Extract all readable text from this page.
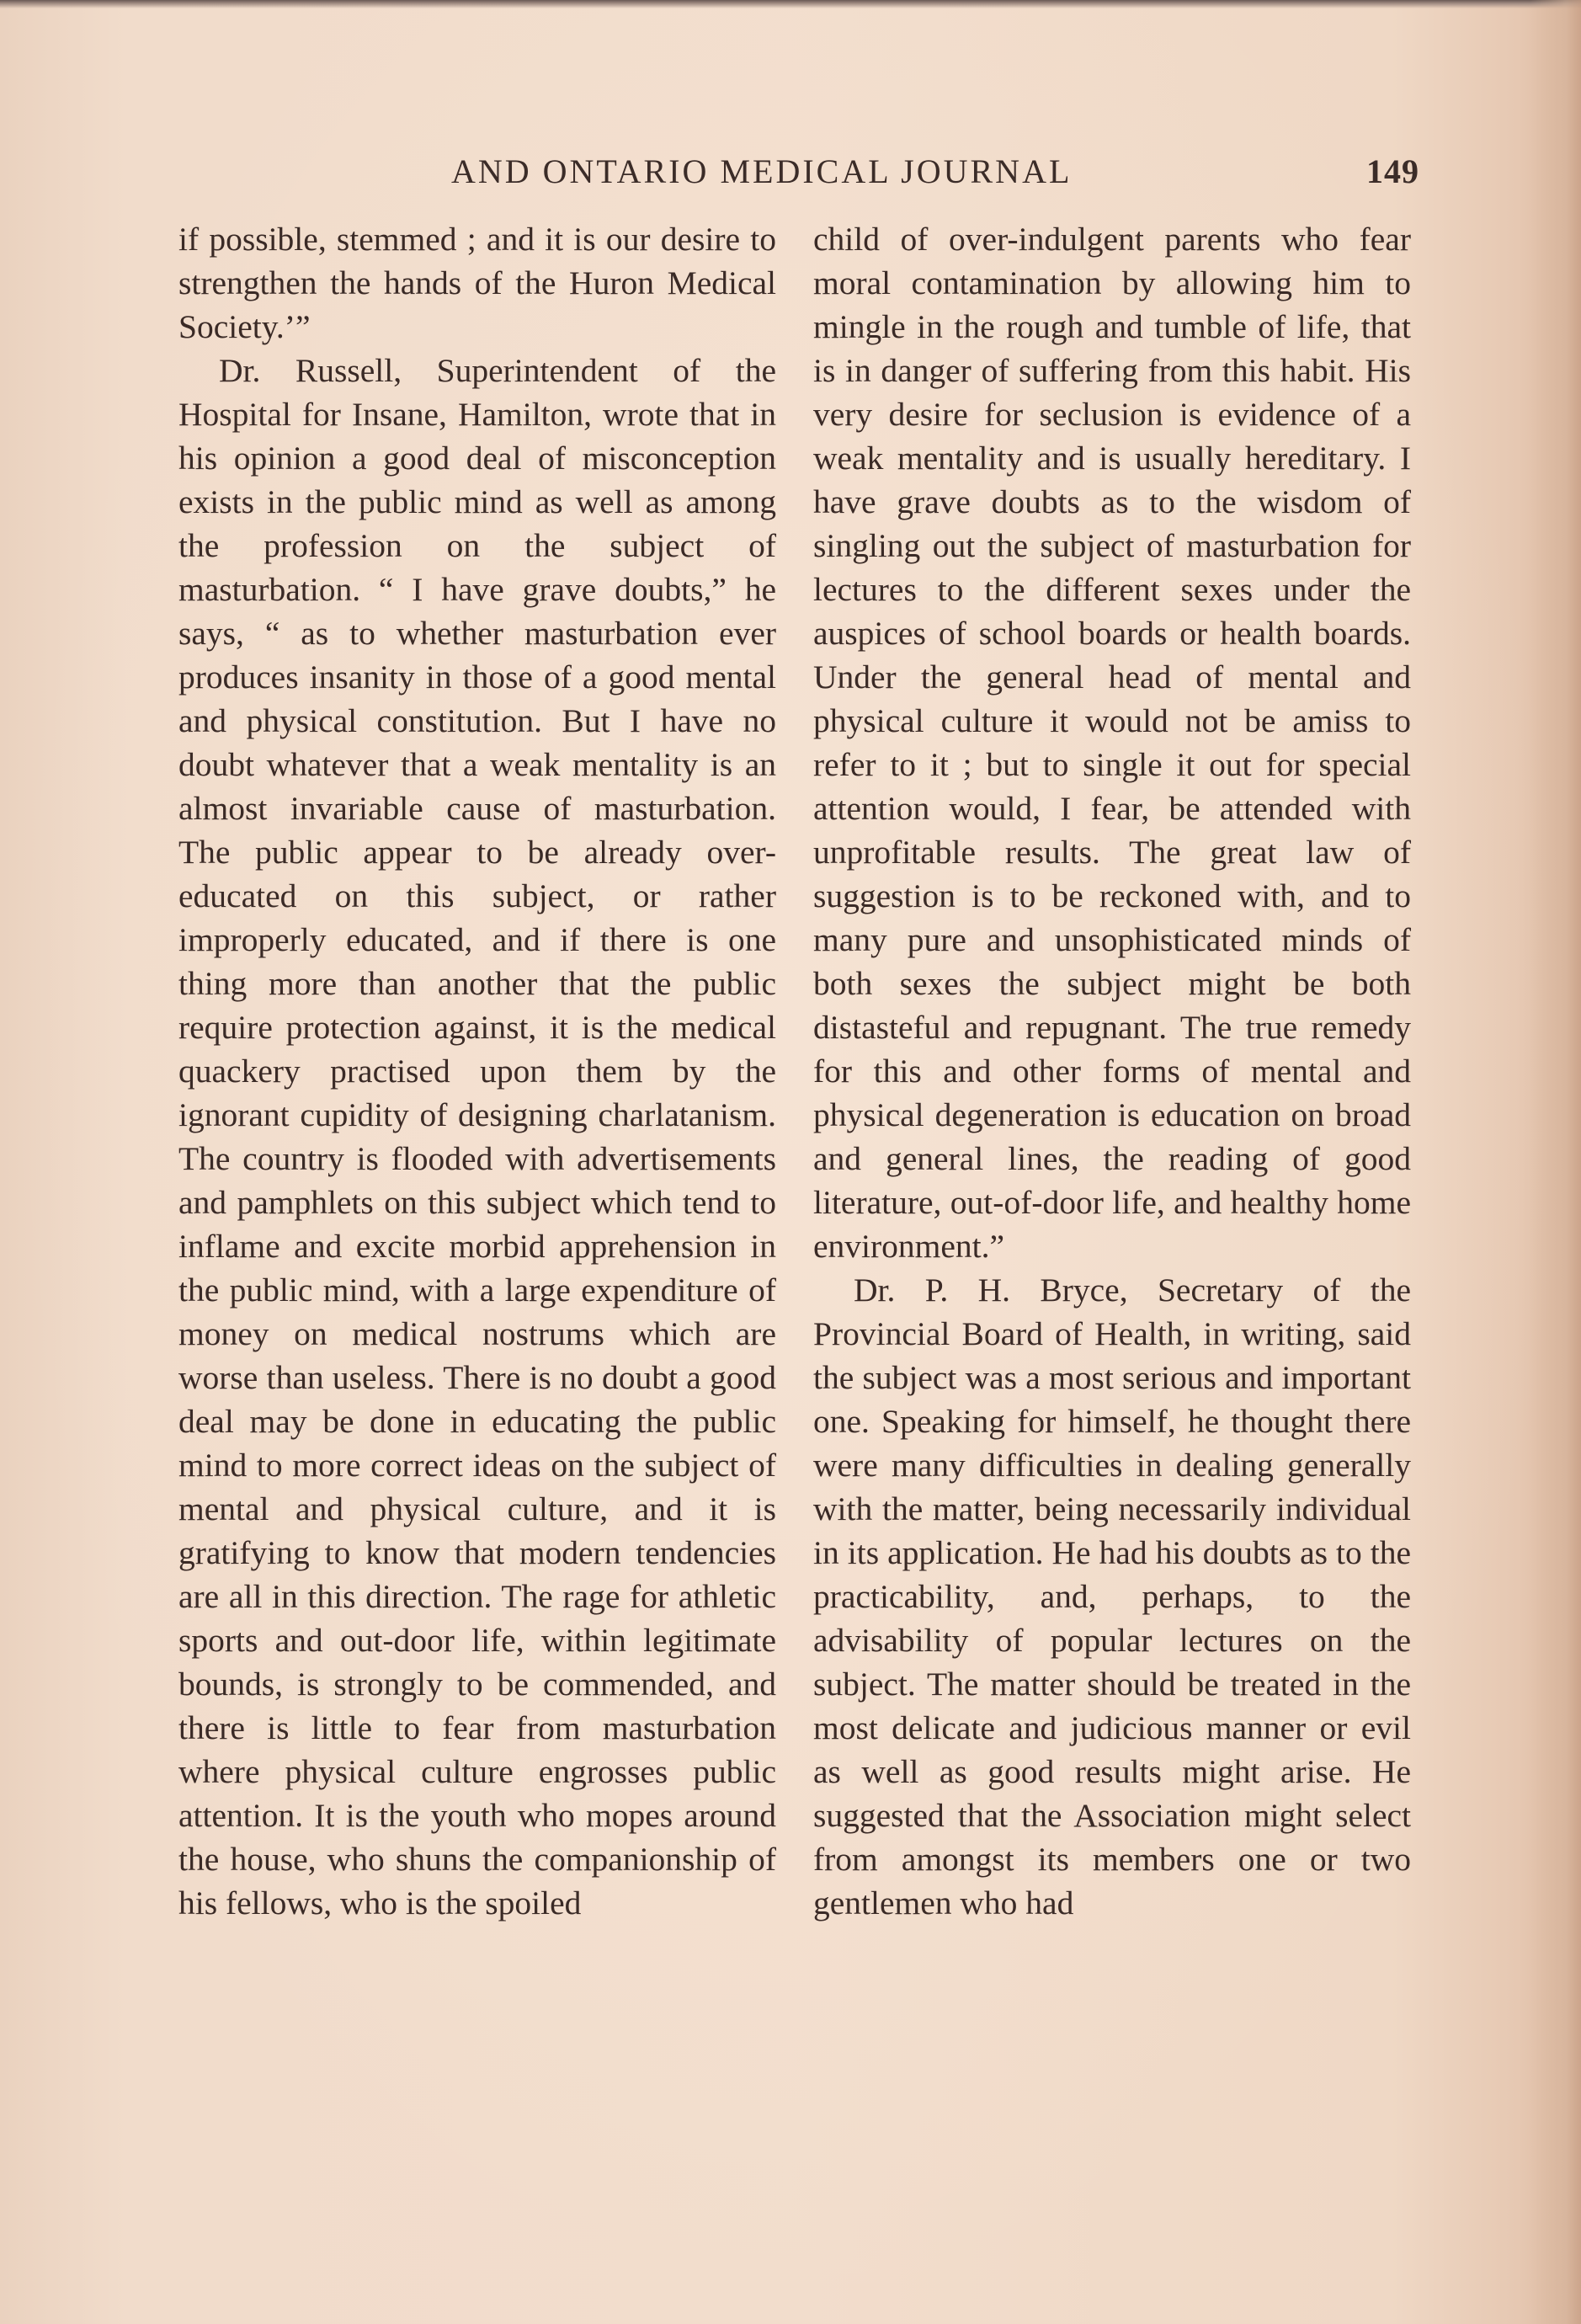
AND ONTARIO MEDICAL JOURNAL	149

if possible, stemmed ; and it is our desire to strengthen the hands of the Huron Medical Society.’”

Dr. Russell, Superintendent of the Hospital for Insane, Hamilton, wrote that in his opinion a good deal of misconception exists in the public mind as well as among the profession on the subject of masturbation. “ I have grave doubts,” he says, “ as to whether masturbation ever produces insanity in those of a good mental and physical constitution. But I have no doubt whatever that a weak mentality is an almost invariable cause of masturbation. The public appear to be already over-educated on this subject, or rather improperly educated, and if there is one thing more than another that the public require protection against, it is the medical quackery practised upon them by the ignorant cupidity of designing charlatanism. The country is flooded with advertisements and pamphlets on this subject which tend to inflame and excite morbid apprehension in the public mind, with a large expenditure of money on medical nostrums which are worse than useless. There is no doubt a good deal may be done in educating the public mind to more correct ideas on the subject of mental and physical culture, and it is gratifying to know that modern tendencies are all in this direction. The rage for athletic sports and out-door life, within legitimate bounds, is strongly to be commended, and there is little to fear from masturbation where physical culture engrosses public attention. It is the youth who mopes around the house, who shuns the companionship of his fellows, who is the spoiled

child of over-indulgent parents who fear moral contamination by allowing him to mingle in the rough and tumble of life, that is in danger of suffering from this habit. His very desire for seclusion is evidence of a weak mentality and is usually hereditary. I have grave doubts as to the wisdom of singling out the subject of masturbation for lectures to the different sexes under the auspices of school boards or health boards. Under the general head of mental and physical culture it would not be amiss to refer to it ; but to single it out for special attention would, I fear, be attended with unprofitable results. The great law of suggestion is to be reckoned with, and to many pure and unsophisticated minds of both sexes the subject might be both distasteful and repugnant. The true remedy for this and other forms of mental and physical degeneration is education on broad and general lines, the reading of good literature, out-of-door life, and healthy home environment.”

Dr. P. H. Bryce, Secretary of the Provincial Board of Health, in writing, said the subject was a most serious and important one. Speaking for himself, he thought there were many difficulties in dealing generally with the matter, being necessarily individual in its application. He had his doubts as to the practicability, and, perhaps, to the advisability of popular lectures on the subject. The matter should be treated in the most delicate and judicious manner or evil as well as good results might arise. He suggested that the Association might select from amongst its members one or two gentlemen who had
